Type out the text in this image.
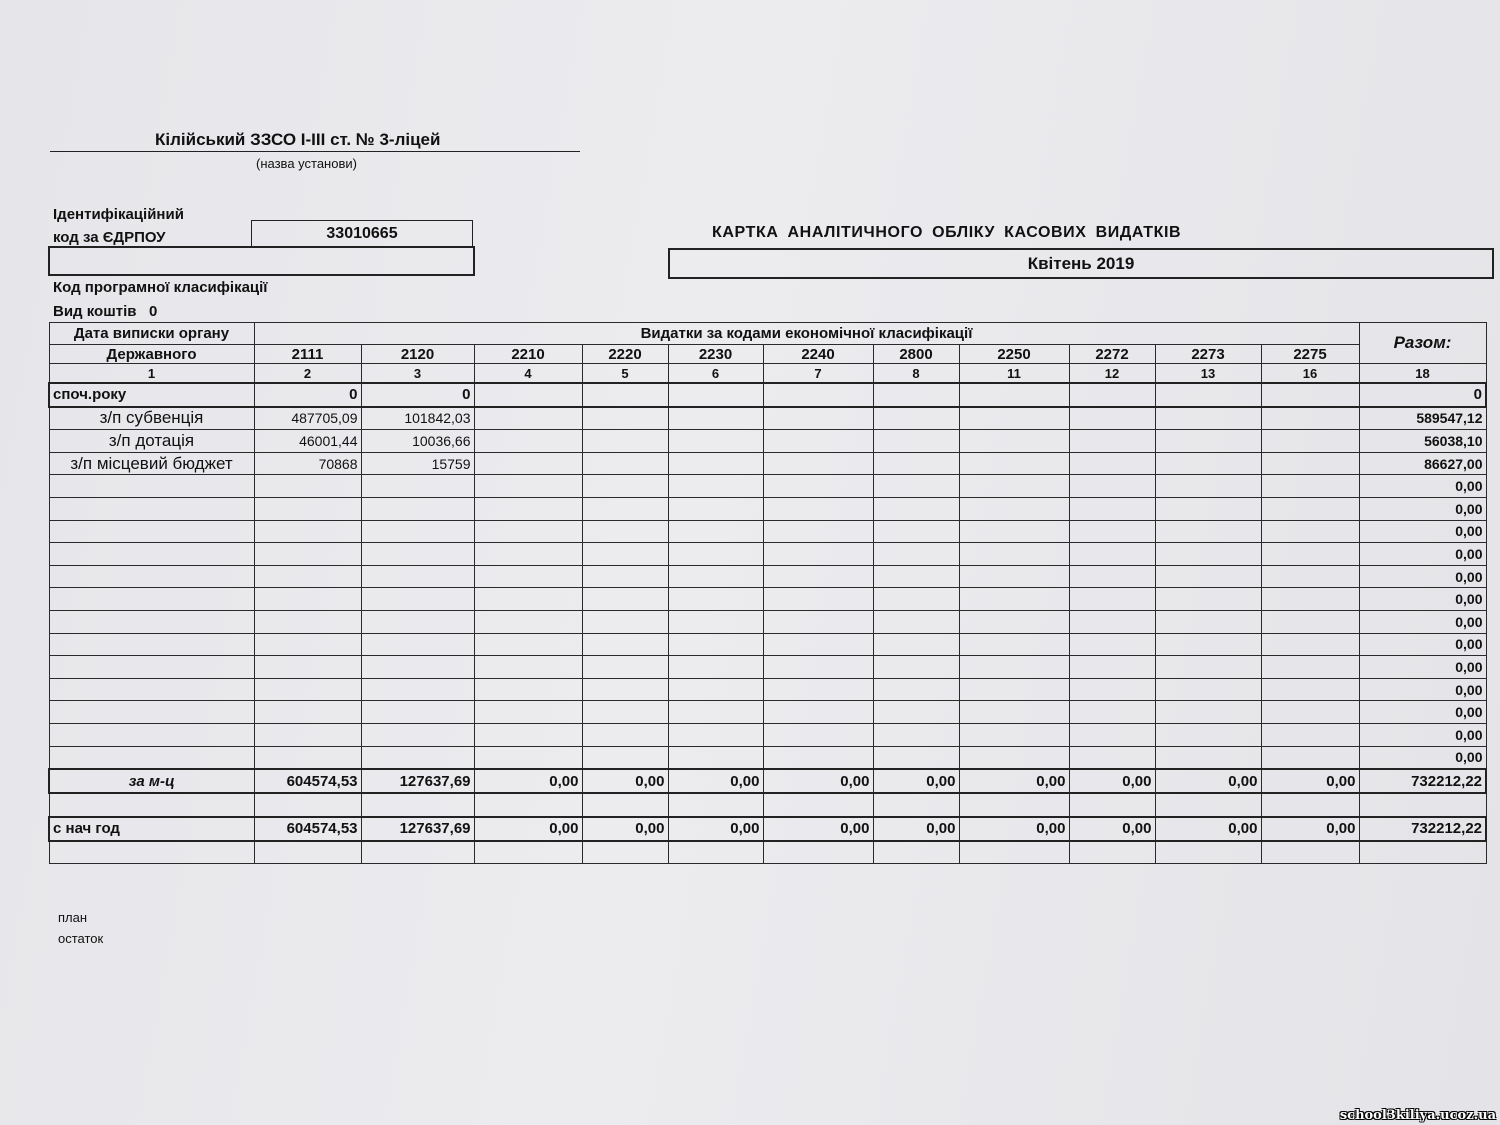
Кілійський ЗЗСО І-ІІІ ст. № 3-ліцей
(назва установи)
Ідентифікаційний
код за ЄДРПОУ	33010665	КАРТКА АНАЛІТИЧНОГО ОБЛІКУ КАСОВИХ ВИДАТКІВ
Квітень 2019
Код програмної класифікації
Вид коштів 0
Дата виписки органу	Видатки за кодами економічної класифікації											Разом:
Державного	2111	2120	2210	2220	2230	2240	2800	2250	2272	2273	2275	
1	2	3	4	5	6	7	8	11	12	13	16	18
споч.року	0	0										0
з/п субвенція	487705,09	101842,03										589547,12
з/п дотація	46001,44	10036,66										56038,10
з/п місцевий бюджет	70868	15759										86627,00
												0,00
												0,00
												0,00
												0,00
												0,00
												0,00
												0,00
												0,00
												0,00
												0,00
												0,00
												0,00
												0,00
за м-ц	604574,53	127637,69	0,00	0,00	0,00	0,00	0,00	0,00	0,00	0,00	0,00	732212,22

с нач год	604574,53	127637,69	0,00	0,00	0,00	0,00	0,00	0,00	0,00	0,00	0,00	732212,22

план
остаток
school3kiliya.ucoz.ua
